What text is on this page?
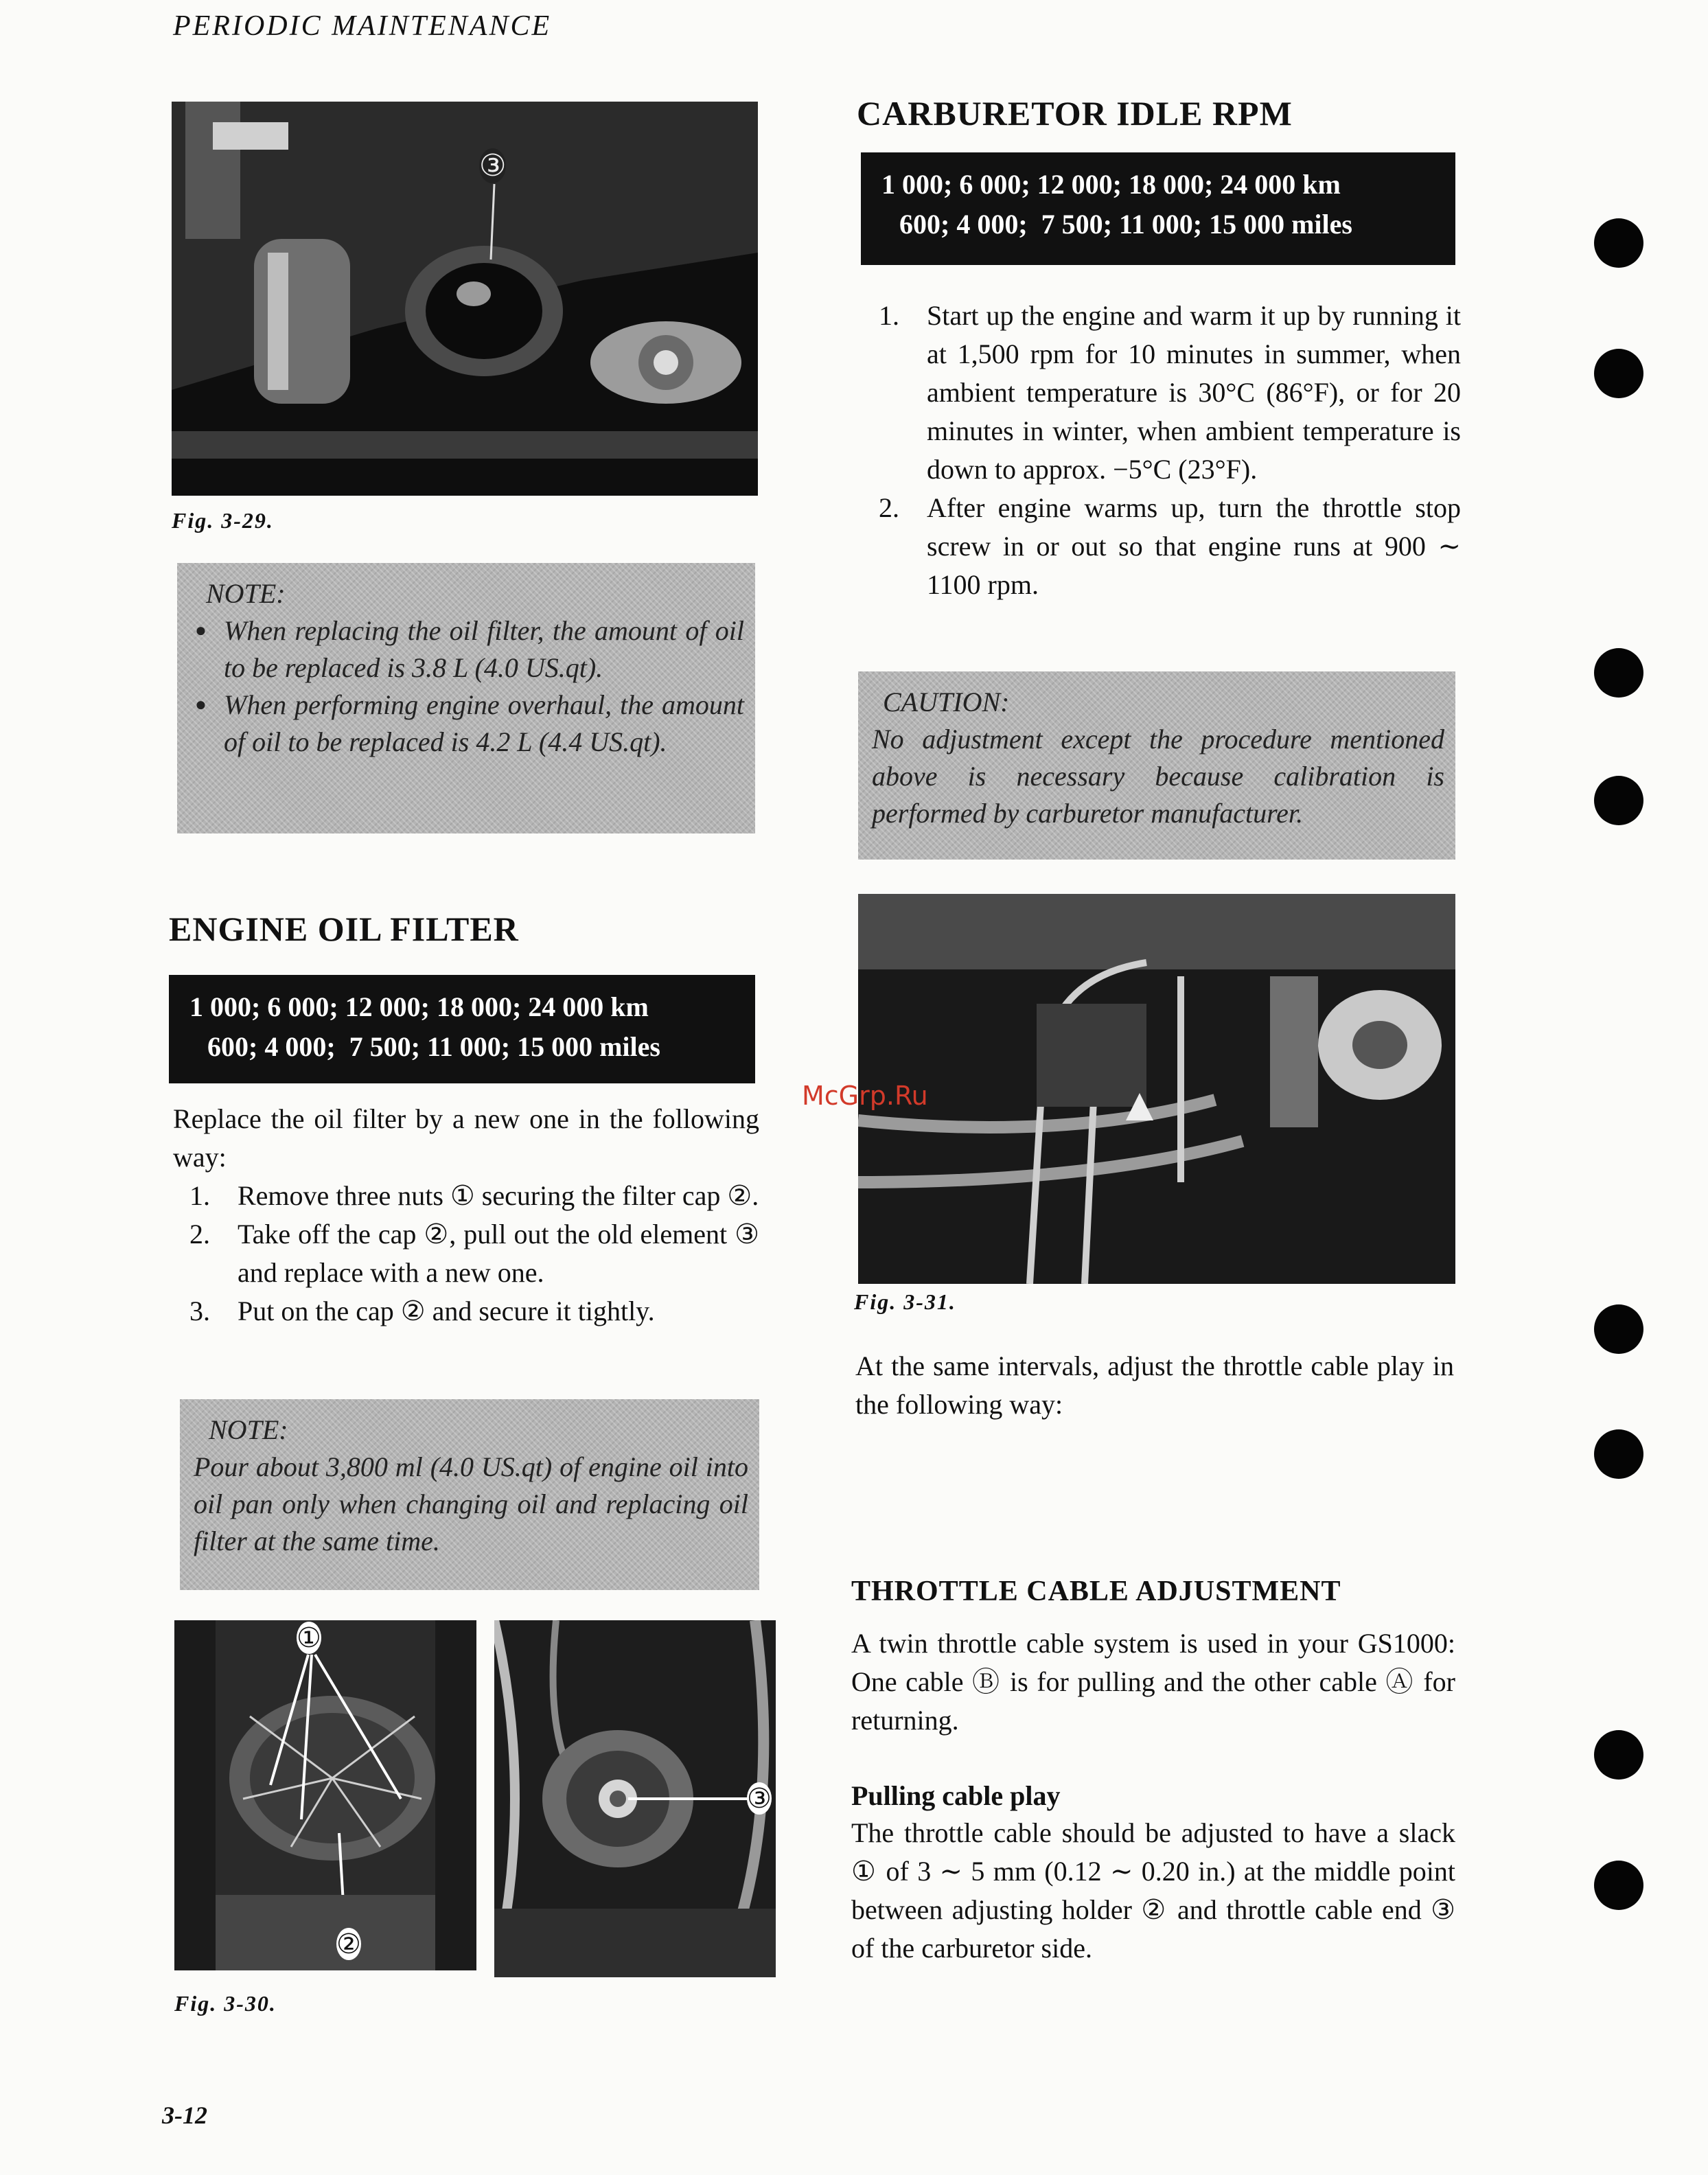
PERIODIC MAINTENANCE
③
Fig. 3-29.
NOTE:
● When replacing the oil filter, the amount of oil to be replaced is 3.8 L (4.0 US.qt).
● When performing engine overhaul, the amount of oil to be replaced is 4.2 L (4.4 US.qt).
ENGINE OIL FILTER
1 000; 6 000; 12 000; 18 000; 24 000 km
600; 4 000;  7 500; 11 000; 15 000 miles
Replace the oil filter by a new one in the following way:
1. Remove three nuts ① securing the filter cap ②.
2. Take off the cap ②, pull out the old element ③ and replace with a new one.
3. Put on the cap ② and secure it tightly.
NOTE:
Pour about 3,800 ml (4.0 US.qt) of engine oil into oil pan only when changing oil and replacing oil filter at the same time.
①
②
③
Fig. 3-30.
CARBURETOR IDLE RPM
1 000; 6 000; 12 000; 18 000; 24 000 km
600; 4 000;  7 500; 11 000; 15 000 miles
1. Start up the engine and warm it up by running it at 1,500 rpm for 10 minutes in summer, when ambient temperature is 30°C (86°F), or for 20 minutes in winter, when ambient temperature is down to approx. −5°C (23°F).
2. After engine warms up, turn the throttle stop screw in or out so that engine runs at 900 ∼ 1100 rpm.
CAUTION:
No adjustment except the procedure mentioned above is necessary because calibration is performed by carburetor manufacturer.
Fig. 3-31.
At the same intervals, adjust the throttle cable play in the following way:
THROTTLE CABLE ADJUSTMENT
A twin throttle cable system is used in your GS1000: One cable Ⓑ is for pulling and the other cable Ⓐ for returning.
Pulling cable play
The throttle cable should be adjusted to have a slack ① of 3 ∼ 5 mm (0.12 ∼ 0.20 in.) at the middle point between adjusting holder ② and throttle cable end ③ of the carburetor side.
McGrp.Ru
3-12
